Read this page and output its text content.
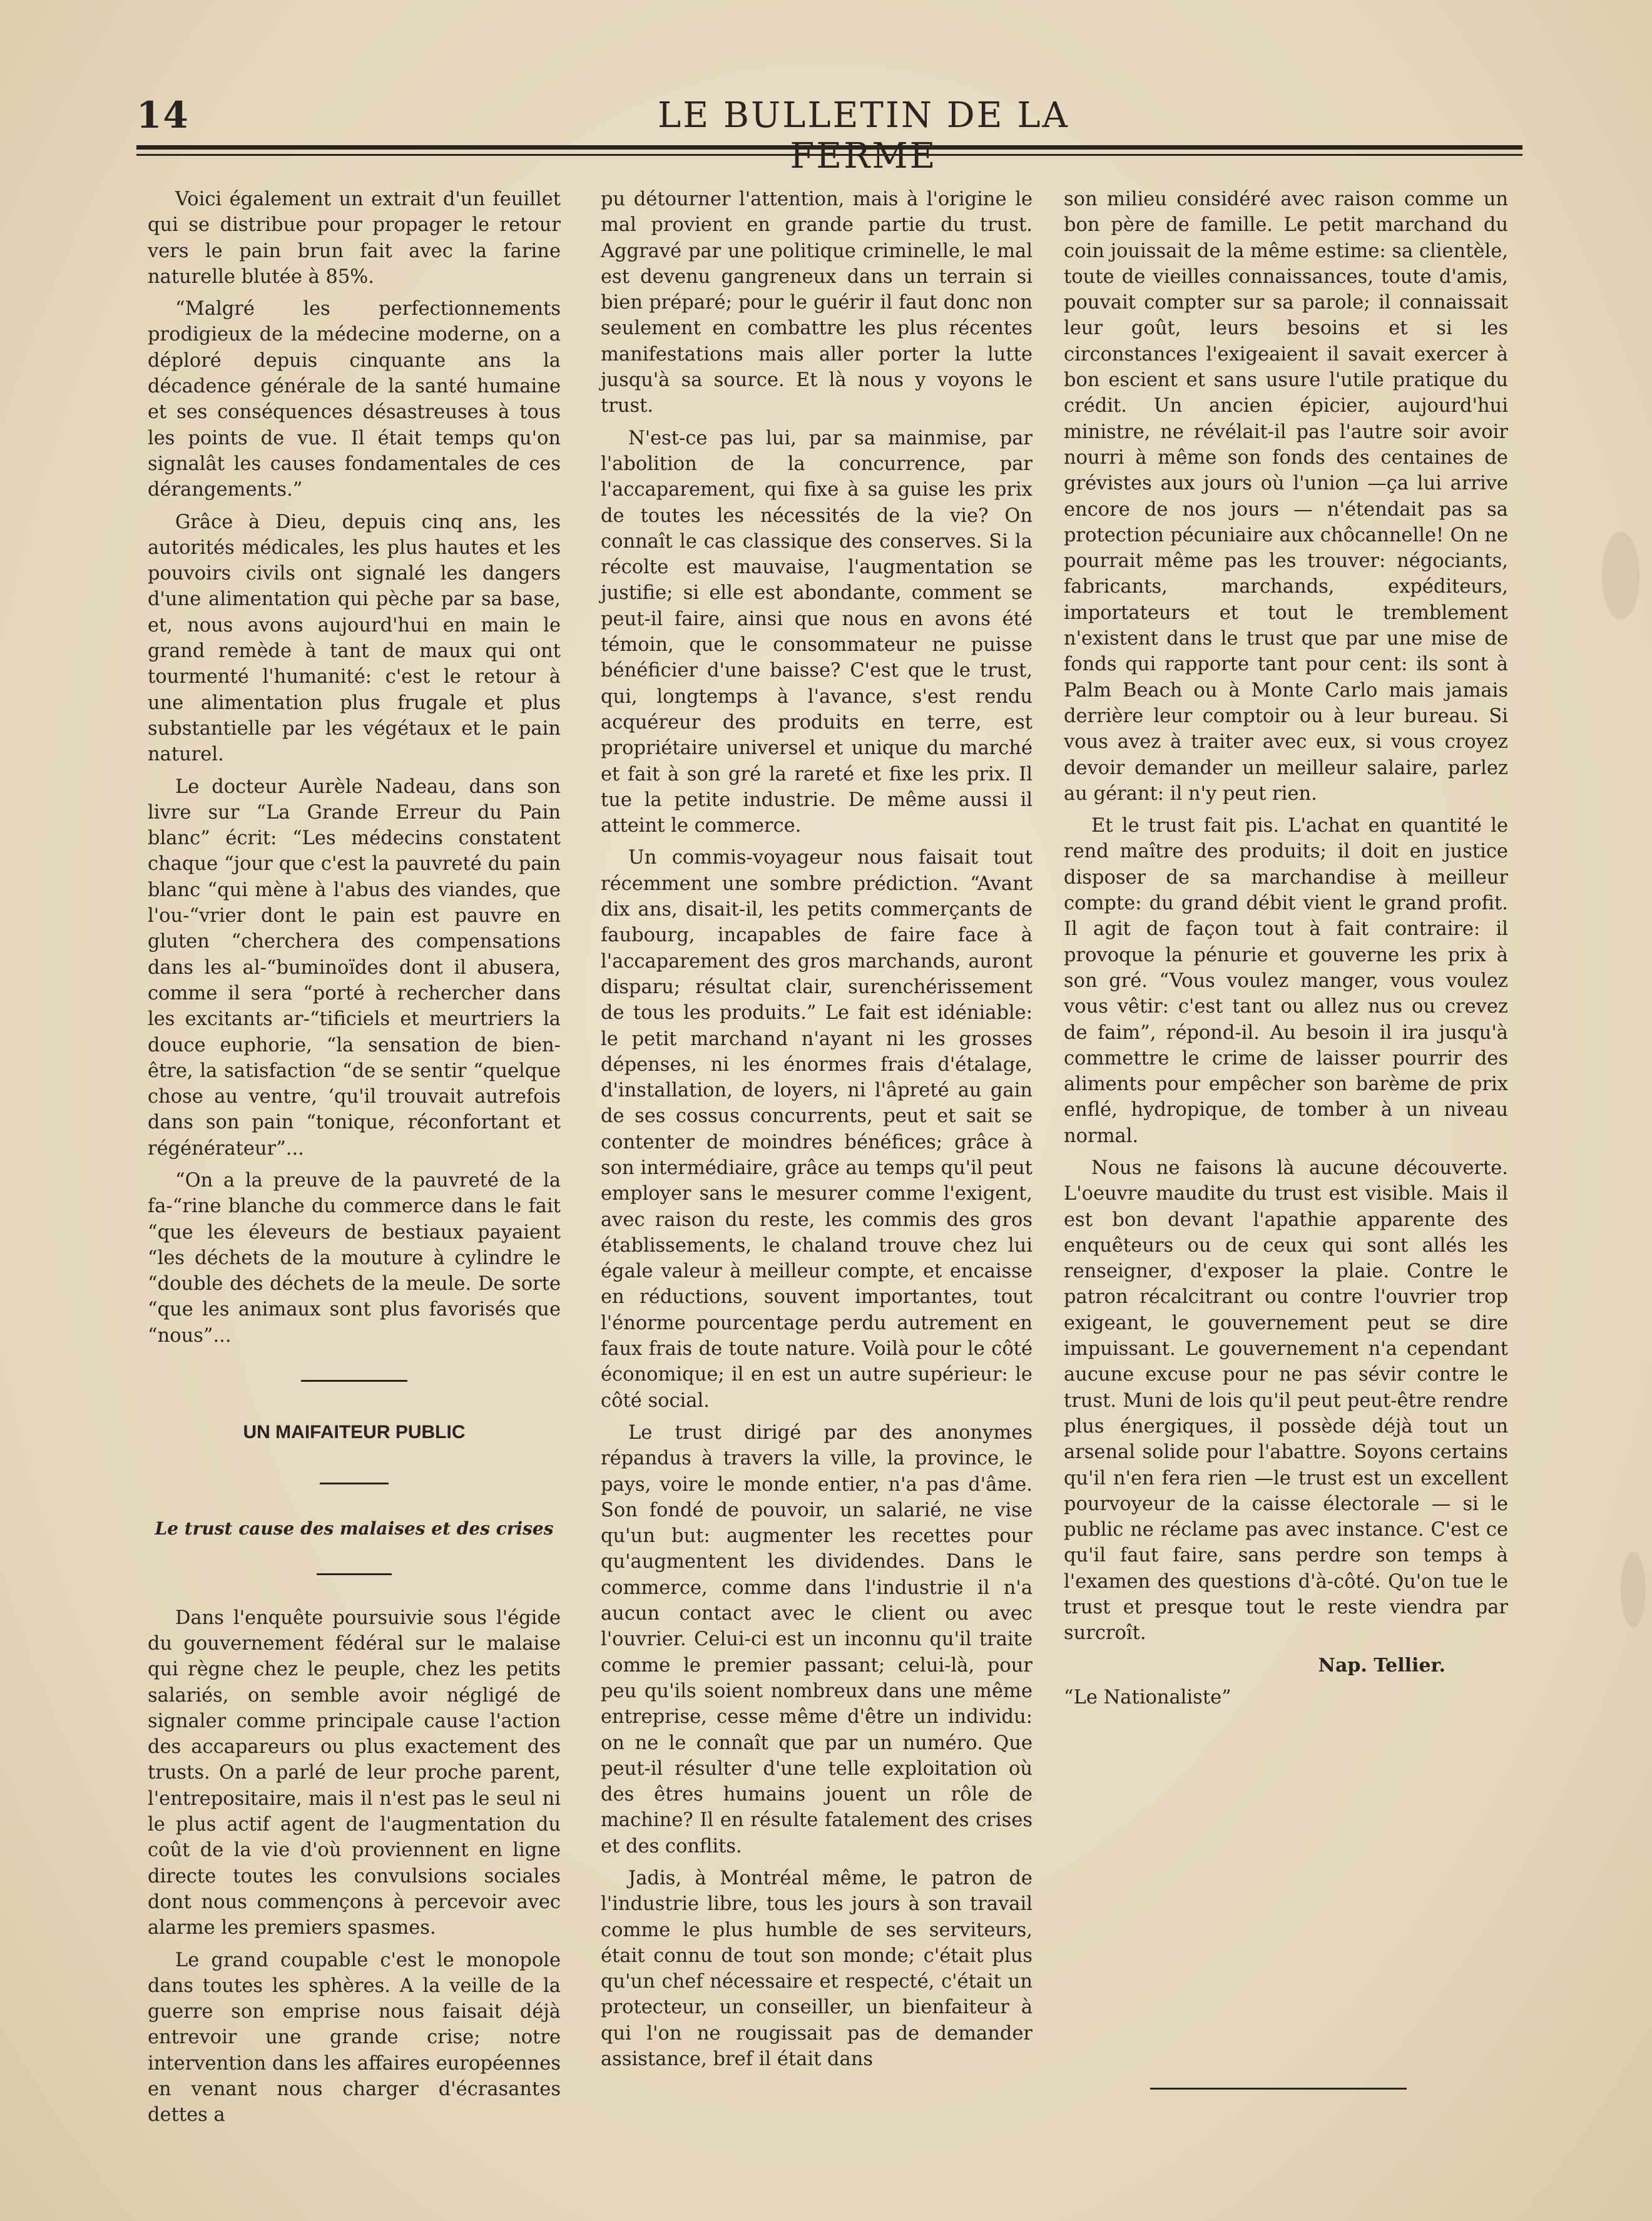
14	LE BULLETIN DE LA FERME

Voici également un extrait d'un feuillet qui se distribue pour propager le retour vers le pain brun fait avec la farine naturelle blutée à 85%.

“Malgré les perfectionnements prodigieux de la médecine moderne, on a déploré depuis cinquante ans la décadence générale de la santé humaine et ses conséquences désastreuses à tous les points de vue. Il était temps qu'on signalât les causes fondamentales de ces dérangements.”

Grâce à Dieu, depuis cinq ans, les autorités médicales, les plus hautes et les pouvoirs civils ont signalé les dangers d'une alimentation qui pèche par sa base, et, nous avons aujourd'hui en main le grand remède à tant de maux qui ont tourmenté l'humanité: c'est le retour à une alimentation plus frugale et plus substantielle par les végétaux et le pain naturel.

Le docteur Aurèle Nadeau, dans son livre sur “La Grande Erreur du Pain blanc” écrit: “Les médecins constatent chaque “jour que c'est la pauvreté du pain blanc “qui mène à l'abus des viandes, que l'ou-“vrier dont le pain est pauvre en gluten “cherchera des compensations dans les al-“buminoïdes dont il abusera, comme il sera “porté à rechercher dans les excitants ar-“tificiels et meurtriers la douce euphorie, “la sensation de bien-être, la satisfaction “de se sentir “quelque chose au ventre, ‘qu'il trouvait autrefois dans son pain “tonique, réconfortant et régénérateur”...

“On a la preuve de la pauvreté de la fa-“rine blanche du commerce dans le fait “que les éleveurs de bestiaux payaient “les déchets de la mouture à cylindre le “double des déchets de la meule. De sorte “que les animaux sont plus favorisés que “nous”...

UN MAIFAITEUR PUBLIC

Le trust cause des malaises et des crises

Dans l'enquête poursuivie sous l'égide du gouvernement fédéral sur le malaise qui règne chez le peuple, chez les petits salariés, on semble avoir négligé de signaler comme principale cause l'action des accapareurs ou plus exactement des trusts. On a parlé de leur proche parent, l'entrepositaire, mais il n'est pas le seul ni le plus actif agent de l'augmentation du coût de la vie d'où proviennent en ligne directe toutes les convulsions sociales dont nous commençons à percevoir avec alarme les premiers spasmes.

Le grand coupable c'est le monopole dans toutes les sphères. A la veille de la guerre son emprise nous faisait déjà entrevoir une grande crise; notre intervention dans les affaires européennes en venant nous charger d'écrasantes dettes a

pu détourner l'attention, mais à l'origine le mal provient en grande partie du trust. Aggravé par une politique criminelle, le mal est devenu gangreneux dans un terrain si bien préparé; pour le guérir il faut donc non seulement en combattre les plus récentes manifestations mais aller porter la lutte jusqu'à sa source. Et là nous y voyons le trust.

N'est-ce pas lui, par sa mainmise, par l'abolition de la concurrence, par l'accaparement, qui fixe à sa guise les prix de toutes les nécessités de la vie? On connaît le cas classique des conserves. Si la récolte est mauvaise, l'augmentation se justifie; si elle est abondante, comment se peut-il faire, ainsi que nous en avons été témoin, que le consommateur ne puisse bénéficier d'une baisse? C'est que le trust, qui, longtemps à l'avance, s'est rendu acquéreur des produits en terre, est propriétaire universel et unique du marché et fait à son gré la rareté et fixe les prix. Il tue la petite industrie. De même aussi il atteint le commerce.

Un commis-voyageur nous faisait tout récemment une sombre prédiction. “Avant dix ans, disait-il, les petits commerçants de faubourg, incapables de faire face à l'accaparement des gros marchands, auront disparu; résultat clair, surenchérissement de tous les produits.” Le fait est idéniable: le petit marchand n'ayant ni les grosses dépenses, ni les énormes frais d'étalage, d'installation, de loyers, ni l'âpreté au gain de ses cossus concurrents, peut et sait se contenter de moindres bénéfices; grâce à son intermédiaire, grâce au temps qu'il peut employer sans le mesurer comme l'exigent, avec raison du reste, les commis des gros établissements, le chaland trouve chez lui égale valeur à meilleur compte, et encaisse en réductions, souvent importantes, tout l'énorme pourcentage perdu autrement en faux frais de toute nature. Voilà pour le côté économique; il en est un autre supérieur: le côté social.

Le trust dirigé par des anonymes répandus à travers la ville, la province, le pays, voire le monde entier, n'a pas d'âme. Son fondé de pouvoir, un salarié, ne vise qu'un but: augmenter les recettes pour qu'augmentent les dividendes. Dans le commerce, comme dans l'industrie il n'a aucun contact avec le client ou avec l'ouvrier. Celui-ci est un inconnu qu'il traite comme le premier passant; celui-là, pour peu qu'ils soient nombreux dans une même entreprise, cesse même d'être un individu: on ne le connaît que par un numéro. Que peut-il résulter d'une telle exploitation où des êtres humains jouent un rôle de machine? Il en résulte fatalement des crises et des conflits.

Jadis, à Montréal même, le patron de l'industrie libre, tous les jours à son travail comme le plus humble de ses serviteurs, était connu de tout son monde; c'était plus qu'un chef nécessaire et respecté, c'était un protecteur, un conseiller, un bienfaiteur à qui l'on ne rougissait pas de demander assistance, bref il était dans

son milieu considéré avec raison comme un bon père de famille. Le petit marchand du coin jouissait de la même estime: sa clientèle, toute de vieilles connaissances, toute d'amis, pouvait compter sur sa parole; il connaissait leur goût, leurs besoins et si les circonstances l'exigeaient il savait exercer à bon escient et sans usure l'utile pratique du crédit. Un ancien épicier, aujourd'hui ministre, ne révélait-il pas l'autre soir avoir nourri à même son fonds des centaines de grévistes aux jours où l'union —ça lui arrive encore de nos jours — n'étendait pas sa protection pécuniaire aux chôcannelle! On ne pourrait même pas les trouver: négociants, fabricants, marchands, expéditeurs, importateurs et tout le tremblement n'existent dans le trust que par une mise de fonds qui rapporte tant pour cent: ils sont à Palm Beach ou à Monte Carlo mais jamais derrière leur comptoir ou à leur bureau. Si vous avez à traiter avec eux, si vous croyez devoir demander un meilleur salaire, parlez au gérant: il n'y peut rien.

Et le trust fait pis. L'achat en quantité le rend maître des produits; il doit en justice disposer de sa marchandise à meilleur compte: du grand débit vient le grand profit. Il agit de façon tout à fait contraire: il provoque la pénurie et gouverne les prix à son gré. “Vous voulez manger, vous voulez vous vêtir: c'est tant ou allez nus ou crevez de faim”, répond-il. Au besoin il ira jusqu'à commettre le crime de laisser pourrir des aliments pour empêcher son barème de prix enflé, hydropique, de tomber à un niveau normal.

Nous ne faisons là aucune découverte. L'oeuvre maudite du trust est visible. Mais il est bon devant l'apathie apparente des enquêteurs ou de ceux qui sont allés les renseigner, d'exposer la plaie. Contre le patron récalcitrant ou contre l'ouvrier trop exigeant, le gouvernement peut se dire impuissant. Le gouvernement n'a cependant aucune excuse pour ne pas sévir contre le trust. Muni de lois qu'il peut peut-être rendre plus énergiques, il possède déjà tout un arsenal solide pour l'abattre. Soyons certains qu'il n'en fera rien —le trust est un excellent pourvoyeur de la caisse électorale — si le public ne réclame pas avec instance. C'est ce qu'il faut faire, sans perdre son temps à l'examen des questions d'à-côté. Qu'on tue le trust et presque tout le reste viendra par surcroît.

Nap. Tellier.

“Le Nationaliste”
